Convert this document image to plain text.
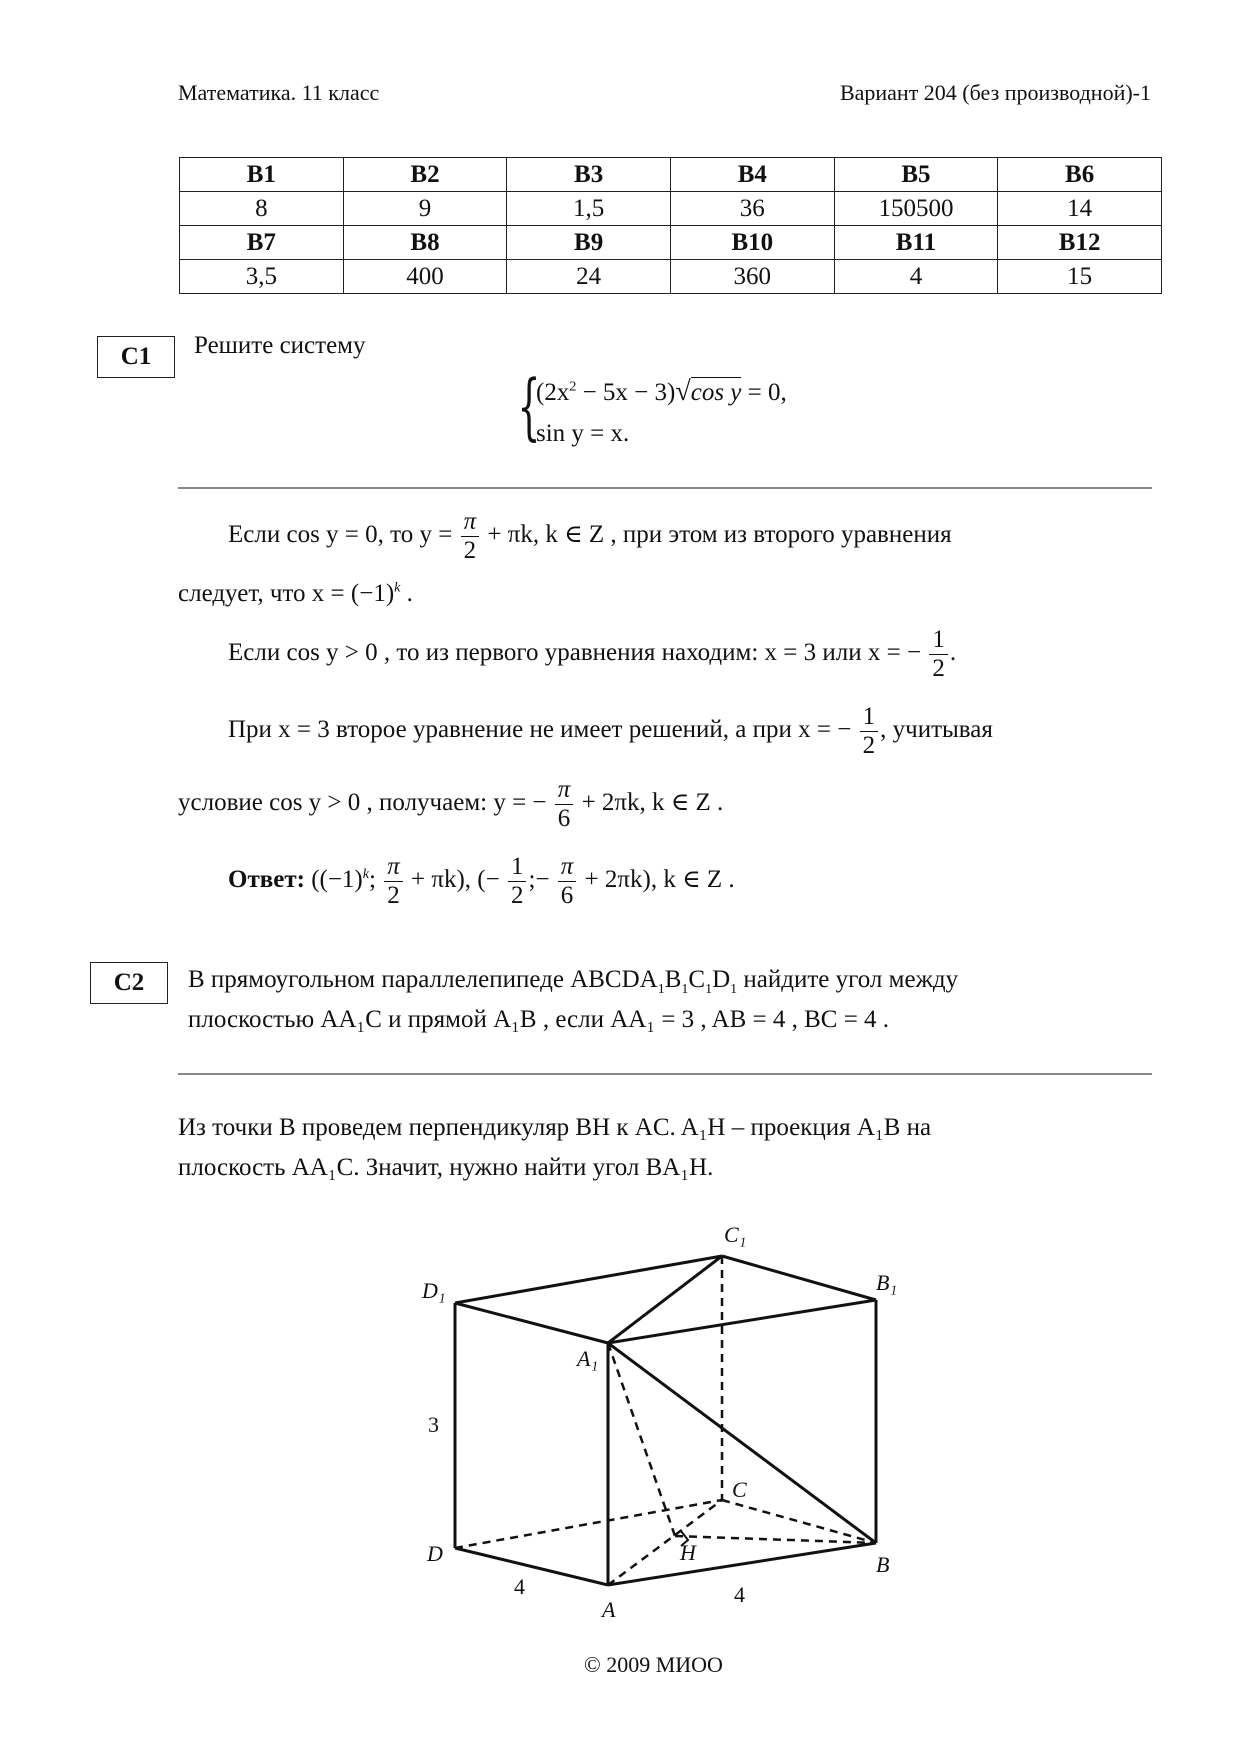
Математика. 11 класс	Вариант 204 (без производной)-1
B1	B2	B3	B4	B5	B6
8	9	1,5	36	150500	14
B7	B8	B9	B10	B11	B12
3,5	400	24	360	4	15
C1	Решите систему
{
$(2x^2 - 5x - 3)√\cos$ y = 0,
sin y = x.
Если cos y = 0, то $y = \frac{\pi}{2} + \pi k$, k ∈ Z , при этом из второго уравнения
следует, что $x = (-1)^k$ .
Если cos y > 0 , то из первого уравнения находим: x = 3 или x = − $\frac{1}{2}$ .
При x = 3 второе уравнение не имеет решений, а при x = − $\frac{1}{2}$ , учитывая
условие cos y > 0 , получаем: y = − $\frac{\pi}{6} + 2\pi k$, k ∈ Z .
Ответ: ($(-1)^k$; $\frac{\pi}{2} + \pi k$), (− $\frac{1}{2}$ ;− $\frac{\pi}{6} + 2\pi k$), k ∈ Z .
C2	В прямоугольном параллелепипеде $ABCDA_1B_1C_1D_1$ найдите угол между
плоскостью AA₁C и прямой A₁B , если AA₁ = 3 , AB = 4 , BC = 4 .
Из точки B проведем перпендикуляр BH к AC. A₁H – проекция A₁B на
плоскость AA₁C. Значит, нужно найти угол BA₁H.
C₁
B₁
D₁
A₁
C
H
D
A
B
3
4	4
© 2009 МИОО
